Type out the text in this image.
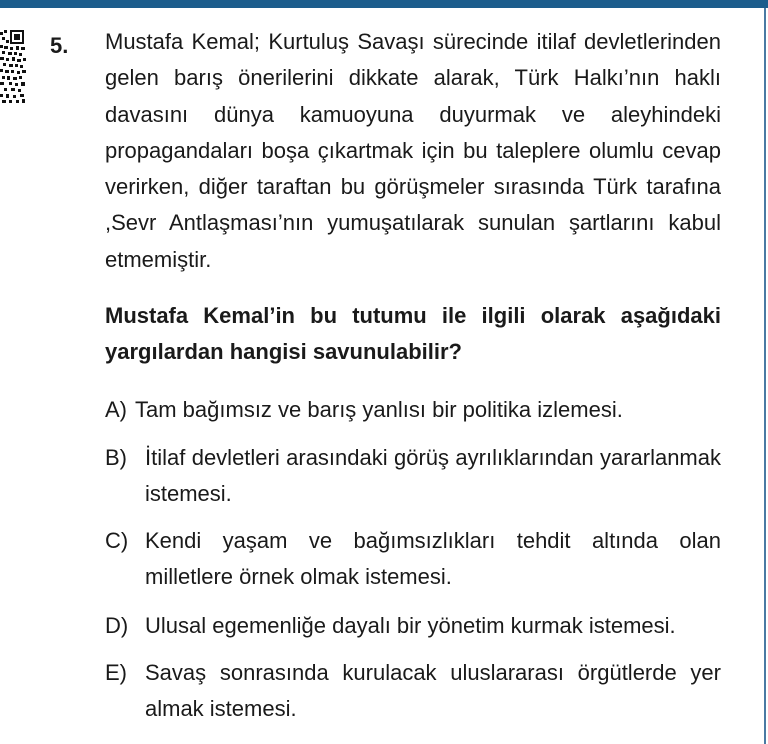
5. Mustafa Kemal; Kurtuluş Savaşı sürecinde itilaf devletlerinden gelen barış önerilerini dikkate alarak, Türk Halkı’nın haklı davasını dünya kamuoyuna duyurmak ve aleyhindeki propagandaları boşa çıkartmak için bu taleplere olumlu cevap verirken, diğer taraftan bu görüşmeler sırasında Türk tarafına ,Sevr Antlaşması’nın yumuşatılarak sunulan şartlarını kabul etmemiştir.

Mustafa Kemal’in bu tutumu ile ilgili olarak aşağıdaki yargılardan hangisi savunulabilir?

A) Tam bağımsız ve barış yanlısı bir politika izlemesi.
B) İtilaf devletleri arasındaki görüş ayrılıklarından yararlanmak istemesi.
C) Kendi yaşam ve bağımsızlıkları tehdit altında olan milletlere örnek olmak istemesi.
D) Ulusal egemenliğe dayalı bir yönetim kurmak istemesi.
E) Savaş sonrasında kurulacak uluslararası örgütlerde yer almak istemesi.
